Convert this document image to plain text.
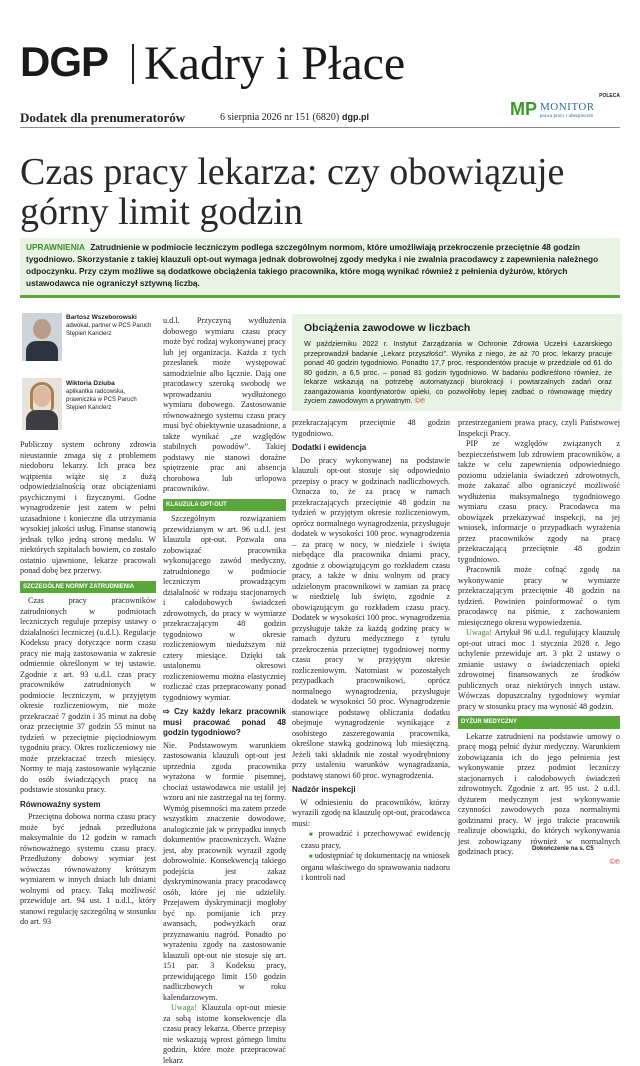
DGP Kadry i Płace
POLECA
MP MONITOR
prawa pracy i ubezpieczeń
Dodatek dla prenumeratorów	6 sierpnia 2026 nr 151 (6820) dgp.pl
Czas pracy lekarza: czy obowiązuje górny limit godzin
UPRAWNIENIA Zatrudnienie w podmiocie leczniczym podlega szczególnym normom, które umożliwiają przekroczenie przeciętnie 48 godzin tygodniowo. Skorzystanie z takiej klauzuli opt-out wymaga jednak dobrowolnej zgody medyka i nie zwalnia pracodawcy z zapewnienia należnego odpoczynku. Przy czym możliwe są dodatkowe obciążenia takiego pracownika, które mogą wynikać również z pełnienia dyżurów, których ustawodawca nie ograniczył sztywną liczbą.
Bartosz Wszeborowski
adwokat, partner w PCS Paruch Stępień Kanclerz
Wiktoria Dziuba
aplikantka radcowska, prawniczka w PCS Paruch Stępień Kanclerz

Publiczny system ochrony zdrowia nieustannie zmaga się z problemem niedoboru lekarzy. Ich praca bez wątpienia wiąże się z dużą odpowiedzialnością oraz obciążeniami psychicznymi i fizycznymi. Godne wynagrodzenie jest zatem w pełni uzasadnione i konieczne dla utrzymania wysokiej jakości usług. Finanse stanowią jednak tylko jedną stronę medalu. W niektórych szpitalach bowiem, co zostało ostatnio ujawnione, lekarze pracowali ponad dobę bez przerwy.

SZCZEGÓLNE NORMY ZATRUDNIENIA

Czas pracy pracowników zatrudnionych w podmiotach leczniczych reguluje przepisy ustawy o działalności leczniczej (u.d.l.). Regulacje Kodeksu pracy dotyczące norm czasu pracy nie mają zastosowania w zakresie odmiennie określonym w tej ustawie. Zgodnie z art. 93 u.d.l. czas pracy pracowników zatrudnionych w podmiocie leczniczym, w przyjętym okresie rozliczeniowym, nie może przekraczać 7 godzin i 35 minut na dobę oraz przeciętnie 37 godzin 55 minut na tydzień w przeciętnie pięciodniowym tygodniu pracy. Okres rozliczeniowy nie może przekraczać trzech miesięcy. Normy te mają zastosowanie wyłącznie do osób świadczących pracę na podstawie stosunku pracy.

Równoważny system

Przeciętna dobowa norma czasu pracy może być jednak przedłużona maksymalnie do 12 godzin w ramach równoważnego systemu czasu pracy. Przedłużony dobowy wymiar jest wówczas równoważony krótszym wymiarem w innych dniach lub dniami wolnymi od pracy. Taką możliwość przewiduje art. 94 ust. 1 u.d.l., który stanowi regulację szczególną w stosunku do art. 93

u.d.l. Przyczyną wydłużenia dobowego wymiaru czasu pracy może być rodzaj wykonywanej pracy lub jej organizacja. Każda z tych przesłanek może występować samodzielnie albo łącznie. Dają one pracodawcy szeroką swobodę we wprowadzaniu wydłużonego wymiaru dobowego. Zastosowanie równoważnego systemu czasu pracy musi być obiektywnie uzasadnione, a także wynikać „ze względów stabilnych powodów”. Takiej podstawy nie stanowi doraźne spiętrzenie prac ani absencja chorobowa lub urlopowa pracowników.

KLAUZULA OPT-OUT

Szczególnym rozwiązaniem przewidzianym w art. 96 u.d.l. jest klauzula opt-out. Pozwala ona zobowiązać pracownika wykonującego zawód medyczny, zatrudnionego w podmiocie leczniczym prowadzącym działalność w rodzaju stacjonarnych i całodobowych świadczeń zdrowotnych, do pracy w wymiarze przekraczającym 48 godzin tygodniowo w okresie rozliczeniowym nieduższym niż cztery miesiące. Dzięki tak ustalonemu okresowi rozliczeniowemu można elastyczniej rozliczać czas przepracowany ponad tygodniowy wymiar.

⇨ Czy każdy lekarz pracownik musi pracować ponad 48 godzin tygodniowo?

Nie. Podstawowym warunkiem zastosowania klauzuli opt-out jest uprzednia zgoda pracownika wyrażona w formie pisemnej, chociaż ustawodawca nie ustalił jej wzoru ani nie zastrzegał na tej formy. Wymóg pisemności ma zatem przede wszystkim znaczenie dowodowe, analogicznie jak w przypadku innych dokumentów pracowniczych. Ważne jest, aby pracownik wyraził zgodę dobrowolnie. Konsekwencją takiego podejścia jest zakaz dyskryminowania pracy pracodawcę osób, które jej nie udzieliły. Przejawem dyskryminacji mogłoby być np. pomijanie ich przy awansach, podwyżkach oraz przyznawaniu nagród. Ponadto po wyrażeniu zgody na zastosowanie klauzuli opt-out nie stosuje się art. 151 par. 3 Kodeksu pracy, przewidującego limit 150 godzin nadliczbowych w roku kalendarzowym.

Uwaga! Klauzula opt-out miesie za sobą istotne konsekwencje dla czasu pracy lekarza. Oberce przepisy nie wskazują wprost górnego limitu godzin, które może przepracować lekarz

Obciążenia zawodowe w liczbach
W październiku 2022 r. Instytut Zarządzania w Ochronie Zdrowia Uczelni Łazarskiego przeprowadził badanie „Lekarz przyszłości”. Wynika z niego, że aż 70 proc. lekarzy pracuje ponad 40 godzin tygodniowo. Ponadto 17,7 proc. respondentów pracuje w przedziale od 61 do 80 godzin, a 6,5 proc. – ponad 81 godzin tygodniowo. W badaniu podkreślono również, że lekarze wskazują na potrzebę automatyzacji biurokracji i powtarzalnych zadań oraz zaangażowania koordynatorów opieki, co pozwoliłoby lepiej zadbać o równowagę między życiem zawodowym a prywatnym. ©℗

przekraczającym przeciętnie 48 godzin tygodniowo.

Dodatki i ewidencja

Do pracy wykonywanej na podstawie klauzuli opt-out stosuje się odpowiednio przepisy o pracy w godzinach nadliczbowych. Oznacza to, że za pracę w ramach przekraczających przeciętnie 48 godzin na tydzień w przyjętym okresie rozliczeniowym, oprócz normalnego wynagrodzenia, przysługuje dodatek w wysokości 100 proc. wynagrodzenia – za pracę w nocy, w niedziele i święta niebędące dla pracownika dniami pracy, zgodnie z obowiązującym go rozkładem czasu pracy, a także w dniu wolnym od pracy udzielonym pracownikowi w zamian za pracę w niedzielę lub święto, zgodnie z obowiązującym go rozkładem czasu pracy. Dodatek w wysokości 100 proc. wynagrodzenia przysługuje także za każdą godzinę pracy w ramach dyżuru medycznego z tytułu przekroczenia przeciętnej tygodniowej normy czasu pracy w przyjętym okresie rozliczeniowym. Natomiast w pozostałych przypadkach pracownikowi, oprócz normalnego wynagrodzenia, przysługuje dodatek w wysokości 50 proc. Wynagrodzenie stanowiące podstawę obliczania dodatku obejmuje wynagrodzenie wynikające z osobistego zaszeregowania pracownika, określone stawką godzinową lub miesięczną. Jeżeli taki składnik nie został wyodrębniony przy ustaleniu warunków wynagradzania, podstawę stanowi 60 proc. wynagrodzenia.

Nadzór inspekcji

W odniesieniu do pracowników, którzy wyrazili zgodę na klauzulę opt-out, pracodawca musi:

■ prowadzić i przechowywać ewidencję czasu pracy,

■ udostępniać tę dokumentację na wniosek organu właściwego do sprawowania nadzoru i kontroli nad

przestrzeganiem prawa pracy, czyli Państwowej Inspekcji Pracy.

PIP ze względów związanych z bezpieczeństwem lub zdrowiem pracowników, a także w celu zapewnienia odpowiedniego poziomu udzielania świadczeń zdrowotnych, może zakazać albo ograniczyć możliwość wydłużenia maksymalnego tygodniowego wymiaru czasu pracy. Pracodawca ma obowiązek przekazywać inspekcji, na jej wniosek, informacje o przypadkach wyrażenia przez pracowników zgody na pracę przekraczającą przeciętnie 48 godzin tygodniowo.

Pracownik może cofnąć zgodę na wykonywanie pracy w wymiarze przekraczającym przeciętnie 48 godzin na tydzień. Powinien poinformować o tym pracodawcę na piśmie, z zachowaniem miesięcznego okresu wypowiedzenia.

Uwaga! Artykuł 96 u.d.l. regulujący klauzulę opt-out utraci moc 1 stycznia 2028 r. Jego uchylenie przewiduje art. 3 pkt 2 ustawy o zmianie ustawy o świadczeniach opieki zdrowotnej finansowanych ze środków publicznych oraz niektórych innych ustaw. Wówczas dopuszczalny tygodniowy wymiar pracy w stosunku pracy ma wynosić 48 godzin.

DYŻUR MEDYCZNY

Lekarze zatrudnieni na podstawie umowy o pracę mogą pełnić dyżur medyczny. Warunkiem zobowiązania ich do jego pełnienia jest wykonywanie przez podmiot leczniczy stacjonarnych i całodobowych świadczeń zdrowotnych. Zgodnie z art. 95 ust. 2 u.d.l. dyżurem medycznym jest wykonywanie czynności zawodowych poza normalnymi godzinami pracy. W jego trakcie pracownik realizuje obowiązki, do których wykonywania jest zobowiązany również w normalnych godzinach pracy.

©℗
Dokończenie na s. C5
